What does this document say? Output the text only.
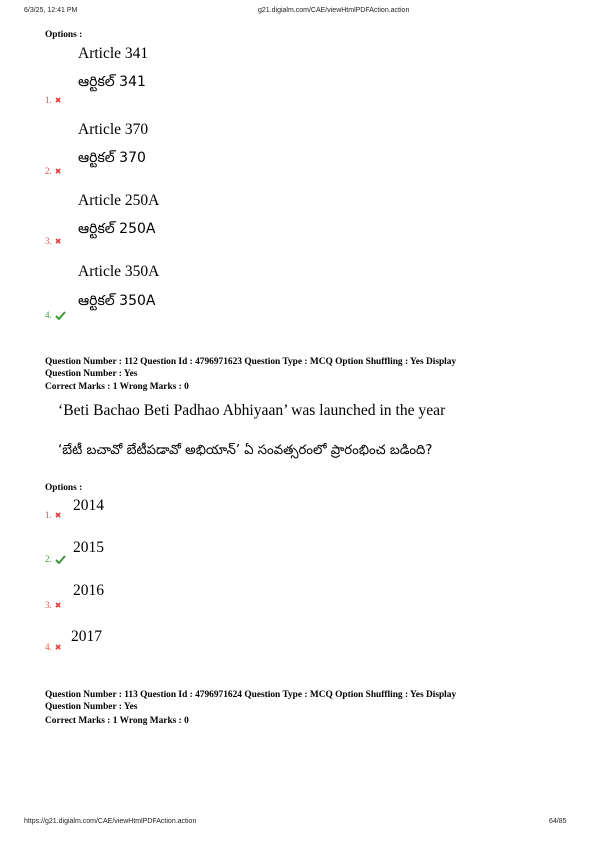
6/3/25, 12:41 PM	g21.digialm.com/CAE/viewHtmlPDFAction.action
Options :
Article 341
ఆర్టికల్ 341
1. ✖
Article 370
ఆర్టికల్ 370
2. ✖
Article 250A
ఆర్టికల్ 250A
3. ✖
Article 350A
ఆర్టికల్ 350A
4.
Question Number : 112 Question Id : 4796971623 Question Type : MCQ Option Shuffling : Yes Display
Question Number : Yes
Correct Marks : 1 Wrong Marks : 0
‘Beti Bachao Beti Padhao Abhiyaan’ was launched in the year
‘బేటీ బచావో బేటీపడావో అభియాన్’ ఏ సంవత్సరంలో ప్రారంభించ బడింది?
Options :
2014
1. ✖
2015
2.
2016
3. ✖
2017
4. ✖
Question Number : 113 Question Id : 4796971624 Question Type : MCQ Option Shuffling : Yes Display
Question Number : Yes
Correct Marks : 1 Wrong Marks : 0
https://g21.digialm.com/CAE/viewHtmlPDFAction.action	64/85
